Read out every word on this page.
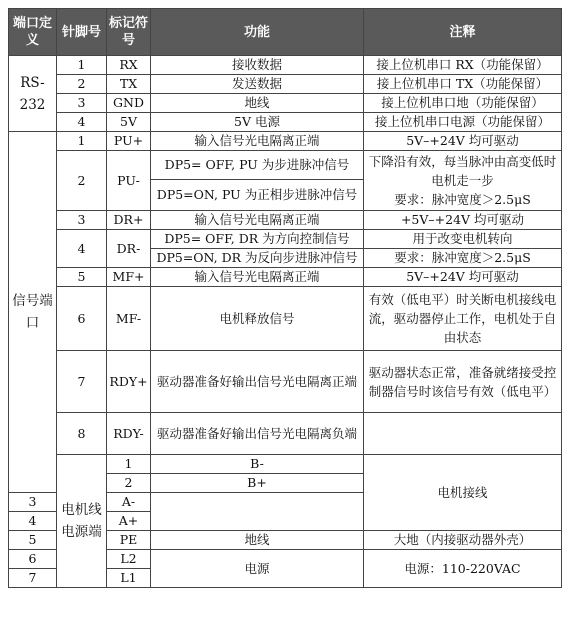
端口定义	针脚号	标记符号	功能	注释	
RS-232	1	RX	接收数据	接上位机串口 RX（功能保留）	
	2	TX	发送数据	接上位机串口 TX（功能保留）	
	3	GND	地线	接上位机串口地（功能保留）	
	4	5V	5V 电源	接上位机串口电源（功能保留）	
信号端口	1	PU+	输入信号光电隔离正端	5V–+24V 均可驱动	
	2	PU-	DP5= OFF, PU 为步进脉冲信号	下降沿有效，每当脉冲由高变低时电机走一步
要求：脉冲宽度＞2.5μS	

			DP5=ON, PU 为正相步进脉冲信号		
	3	DR+	输入信号光电隔离正端	+5V–+24V 均可驱动	
	4	DR-	DP5= OFF, DR 为方向控制信号	用于改变电机转向	
			DP5=ON, DR 为反向步进脉冲信号	要求：脉冲宽度＞2.5μS	
	5	MF+	输入信号光电隔离正端	5V–+24V 均可驱动	
	6	MF-	电机释放信号	有效（低电平）时关断电机接线电流，驱动器停止工作，电机处于自由状态	
	7	RDY+	驱动器准备好输出信号光电隔离正端	驱动器状态正常，准备就绪接受控制器信号时该信号有效（低电平）	
	8	RDY-	驱动器准备好输出信号光电隔离负端		
	电机线电源端	1	B-	电机接线	
		2	B+		
3		A-			
4		A+			
5		PE	地线	大地（内接驱动器外壳）	
6		L2	电源	电源：110-220VAC	
7		L1			
